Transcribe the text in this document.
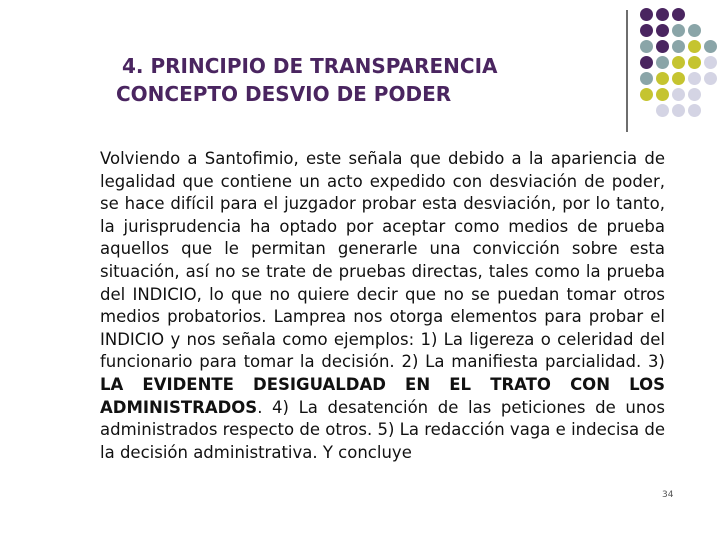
4. PRINCIPIO DE TRANSPARENCIA
CONCEPTO DESVIO DE PODER
Volviendo a Santofimio, este señala que debido a la apariencia de legalidad que contiene un acto expedido con desviación de poder, se hace difícil para el juzgador probar esta desviación, por lo tanto, la jurisprudencia ha optado por aceptar como medios de prueba aquellos que le permitan generarle una convicción sobre esta situación, así no se trate de pruebas directas, tales como la prueba del INDICIO, lo que no quiere decir que no se puedan tomar otros medios probatorios. Lamprea nos otorga elementos para probar el INDICIO y nos señala como ejemplos: 1) La ligereza o celeridad del funcionario para tomar la decisión. 2) La manifiesta parcialidad. 3) LA EVIDENTE DESIGUALDAD EN EL TRATO CON LOS ADMINISTRADOS. 4) La desatención de las peticiones de unos administrados respecto de otros. 5) La redacción vaga e indecisa de la decisión administrativa. Y concluye
34
